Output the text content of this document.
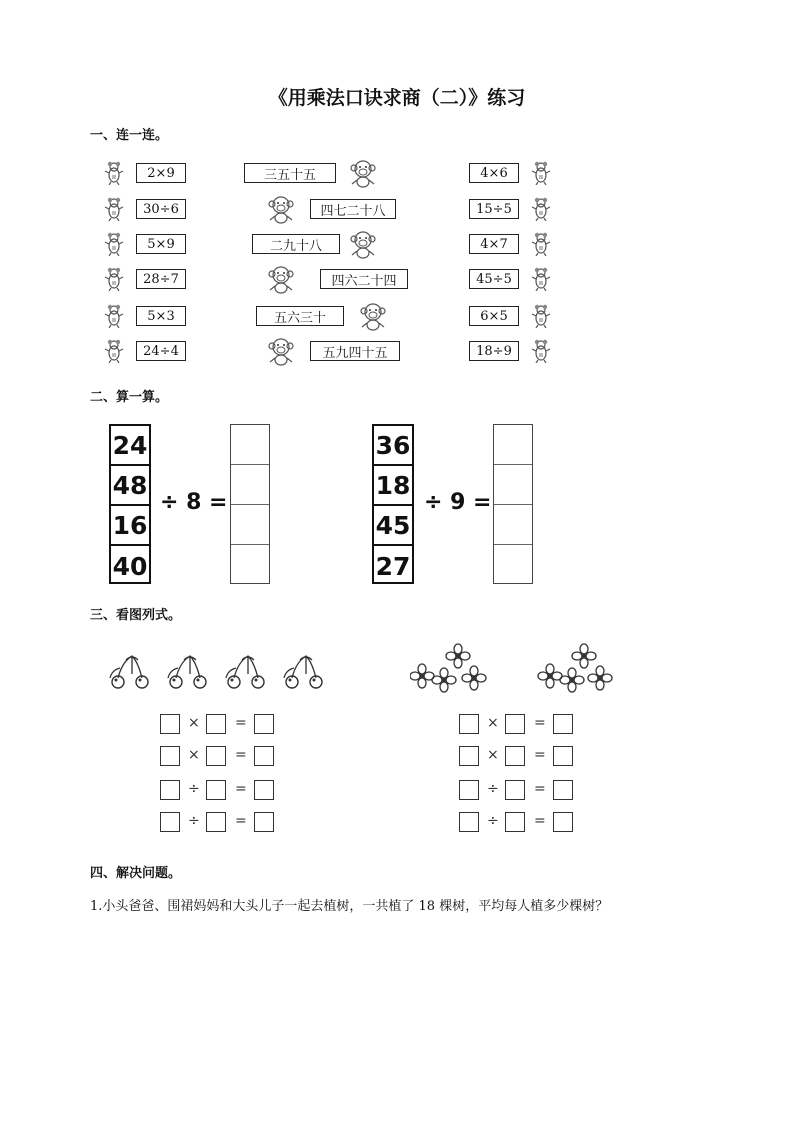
《用乘法口诀求商（二）》练习
一、连一连。
2×9	三五十五	4×6
30÷6	四七二十八	15÷5
5×9	二九十八	4×7
28÷7	四六二十四	45÷5
5×3	五六三十	6×5
24÷4	五九四十五	18÷9
二、算一算。
24
48
16
40
÷ 8 =
36
18
45
27
÷ 9 =
三、看图列式。
×	=
×	=
÷	=
÷	=
×	=
×	=
÷	=
÷	=
四、解决问题。
1.小头爸爸、围裙妈妈和大头儿子一起去植树，一共植了 18 棵树，平均每人植多少棵树？
